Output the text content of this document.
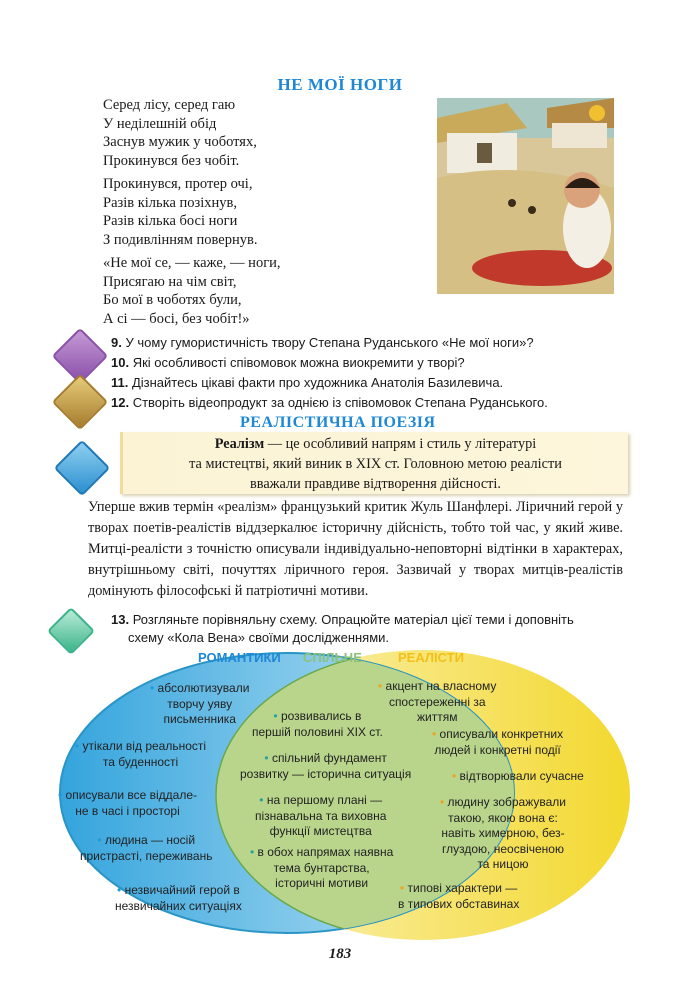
НЕ МОЇ НОГИ
Серед лісу, серед гаю
У неділешній обід
Заснув мужик у чоботях,
Прокинувся без чобіт.
Прокинувся, протер очі,
Разів кілька позіхнув,
Разів кілька босі ноги
З подивлінням повернув.
«Не мої се, — каже, — ноги,
Присягаю на чім світ,
Бо мої в чоботях були,
А сі — босі, без чобіт!»
9. У чому гумористичність твору Степана Руданського «Не мої ноги»?
10. Які особливості співомовок можна виокремити у творі?
11. Дізнайтесь цікаві факти про художника Анатолія Базилевича.
12. Створіть відеопродукт за однією із співомовок Степана Руданського.
РЕАЛІСТИЧНА ПОЕЗІЯ
Реалізм — це особливий напрям і стиль у літературі
та мистецтві, який виник в XIX ст. Головною метою реалісти
вважали правдиве відтворення дійсності.
Уперше вжив термін «реалізм» французький критик Жуль Шанфлері. Ліричний герой у творах поетів-реалістів віддзеркалює історичну дійсність, тобто той час, у який живе. Митці-реалісти з точністю описували індивідуально-неповторні відтінки в характерах, внутрішньому світі, почуттях ліричного героя. Зазвичай у творах митців-реалістів домінують філософські й патріотичні мотиви.
13. Розгляньте порівняльну схему. Опрацюйте матеріал цієї теми і доповніть
схему «Кола Вена» своїми дослідженнями.
РОМАНТИКИ СПІЛЬНЕ	РЕАЛІСТИ
• абсолютизували
творчу уяву
письменника
• утікали від реальності
та буденності
• описували все віддале-
не в часі і просторі
• людина — носій
пристрасті, переживань
• незвичайний герой в
незвичайних ситуаціях
• розвивались в
першій половині XIX ст.
• спільний фундамент
розвитку — історична ситуація
• на першому плані —
пізнавальна та виховна
функції мистецтва
• в обох напрямах наявна
тема бунтарства,
історичні мотиви
• акцент на власному
спостереженні за
життям
• описували конкретних
людей і конкретні події
• відтворювали сучасне
• людину зображували
такою, якою вона є:
навіть химерною, без-
глуздою, неосвіченою
та ницою
• типові характери —
в типових обставинах
183
